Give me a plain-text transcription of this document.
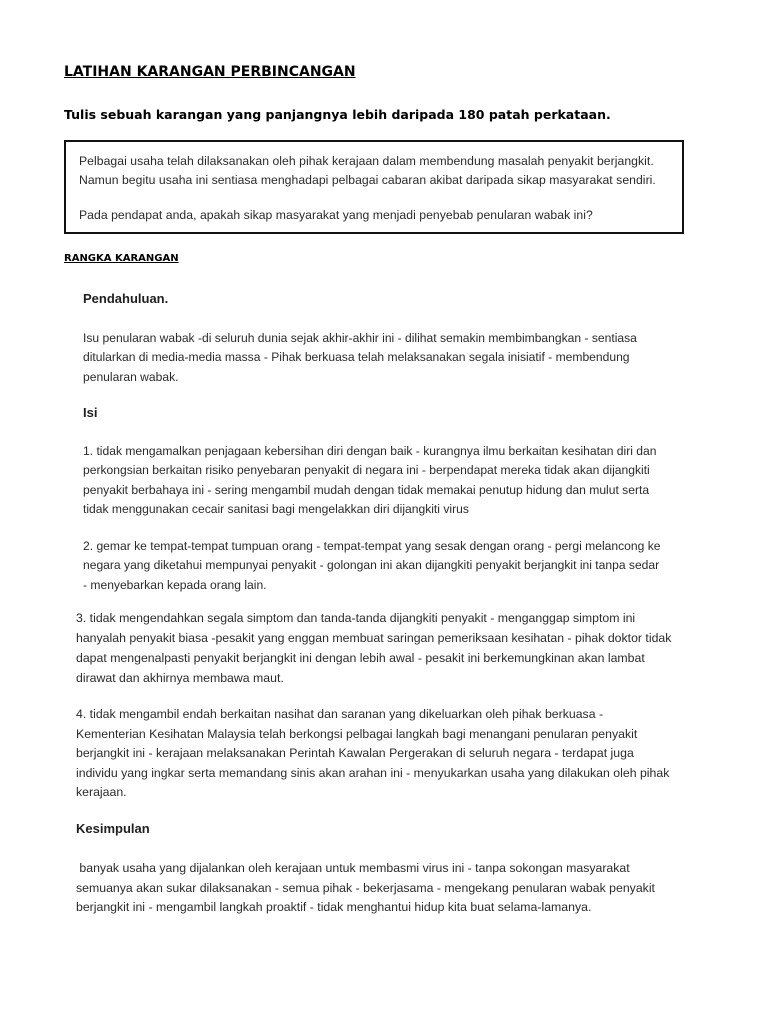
LATIHAN KARANGAN PERBINCANGAN
Tulis sebuah karangan yang panjangnya lebih daripada 180 patah perkataan.

Pelbagai usaha telah dilaksanakan oleh pihak kerajaan dalam membendung masalah penyakit berjangkit.

Namun begitu usaha ini sentiasa menghadapi pelbagai cabaran akibat daripada sikap masyarakat sendiri.

Pada pendapat anda, apakah sikap masyarakat yang menjadi penyebab penularan wabak ini?

RANGKA KARANGAN

Pendahuluan.

Isu penularan wabak -di seluruh dunia sejak akhir-akhir ini - dilihat semakin membimbangkan - sentiasa
ditularkan di media-media massa - Pihak berkuasa telah melaksanakan segala inisiatif - membendung
penularan wabak.

Isi

1. tidak mengamalkan penjagaan kebersihan diri dengan baik - kurangnya ilmu berkaitan kesihatan diri dan
perkongsian berkaitan risiko penyebaran penyakit di negara ini - berpendapat mereka tidak akan dijangkiti
penyakit berbahaya ini - sering mengambil mudah dengan tidak memakai penutup hidung dan mulut serta
tidak menggunakan cecair sanitasi bagi mengelakkan diri dijangkiti virus
2. gemar ke tempat-tempat tumpuan orang - tempat-tempat yang sesak dengan orang - pergi melancong ke
negara yang diketahui mempunyai penyakit - golongan ini akan dijangkiti penyakit berjangkit ini tanpa sedar
- menyebarkan kepada orang lain.
3. tidak mengendahkan segala simptom dan tanda-tanda dijangkiti penyakit - menganggap simptom ini
hanyalah penyakit biasa -pesakit yang enggan membuat saringan pemeriksaan kesihatan - pihak doktor tidak
dapat mengenalpasti penyakit berjangkit ini dengan lebih awal - pesakit ini berkemungkinan akan lambat
dirawat dan akhirnya membawa maut.
4. tidak mengambil endah berkaitan nasihat dan saranan yang dikeluarkan oleh pihak berkuasa -
Kementerian Kesihatan Malaysia telah berkongsi pelbagai langkah bagi menangani penularan penyakit
berjangkit ini - kerajaan melaksanakan Perintah Kawalan Pergerakan di seluruh negara - terdapat juga
individu yang ingkar serta memandang sinis akan arahan ini - menyukarkan usaha yang dilakukan oleh pihak
kerajaan.

Kesimpulan

banyak usaha yang dijalankan oleh kerajaan untuk membasmi virus ini - tanpa sokongan masyarakat
semuanya akan sukar dilaksanakan - semua pihak - bekerjasama - mengekang penularan wabak penyakit
berjangkit ini - mengambil langkah proaktif - tidak menghantui hidup kita buat selama-lamanya.
